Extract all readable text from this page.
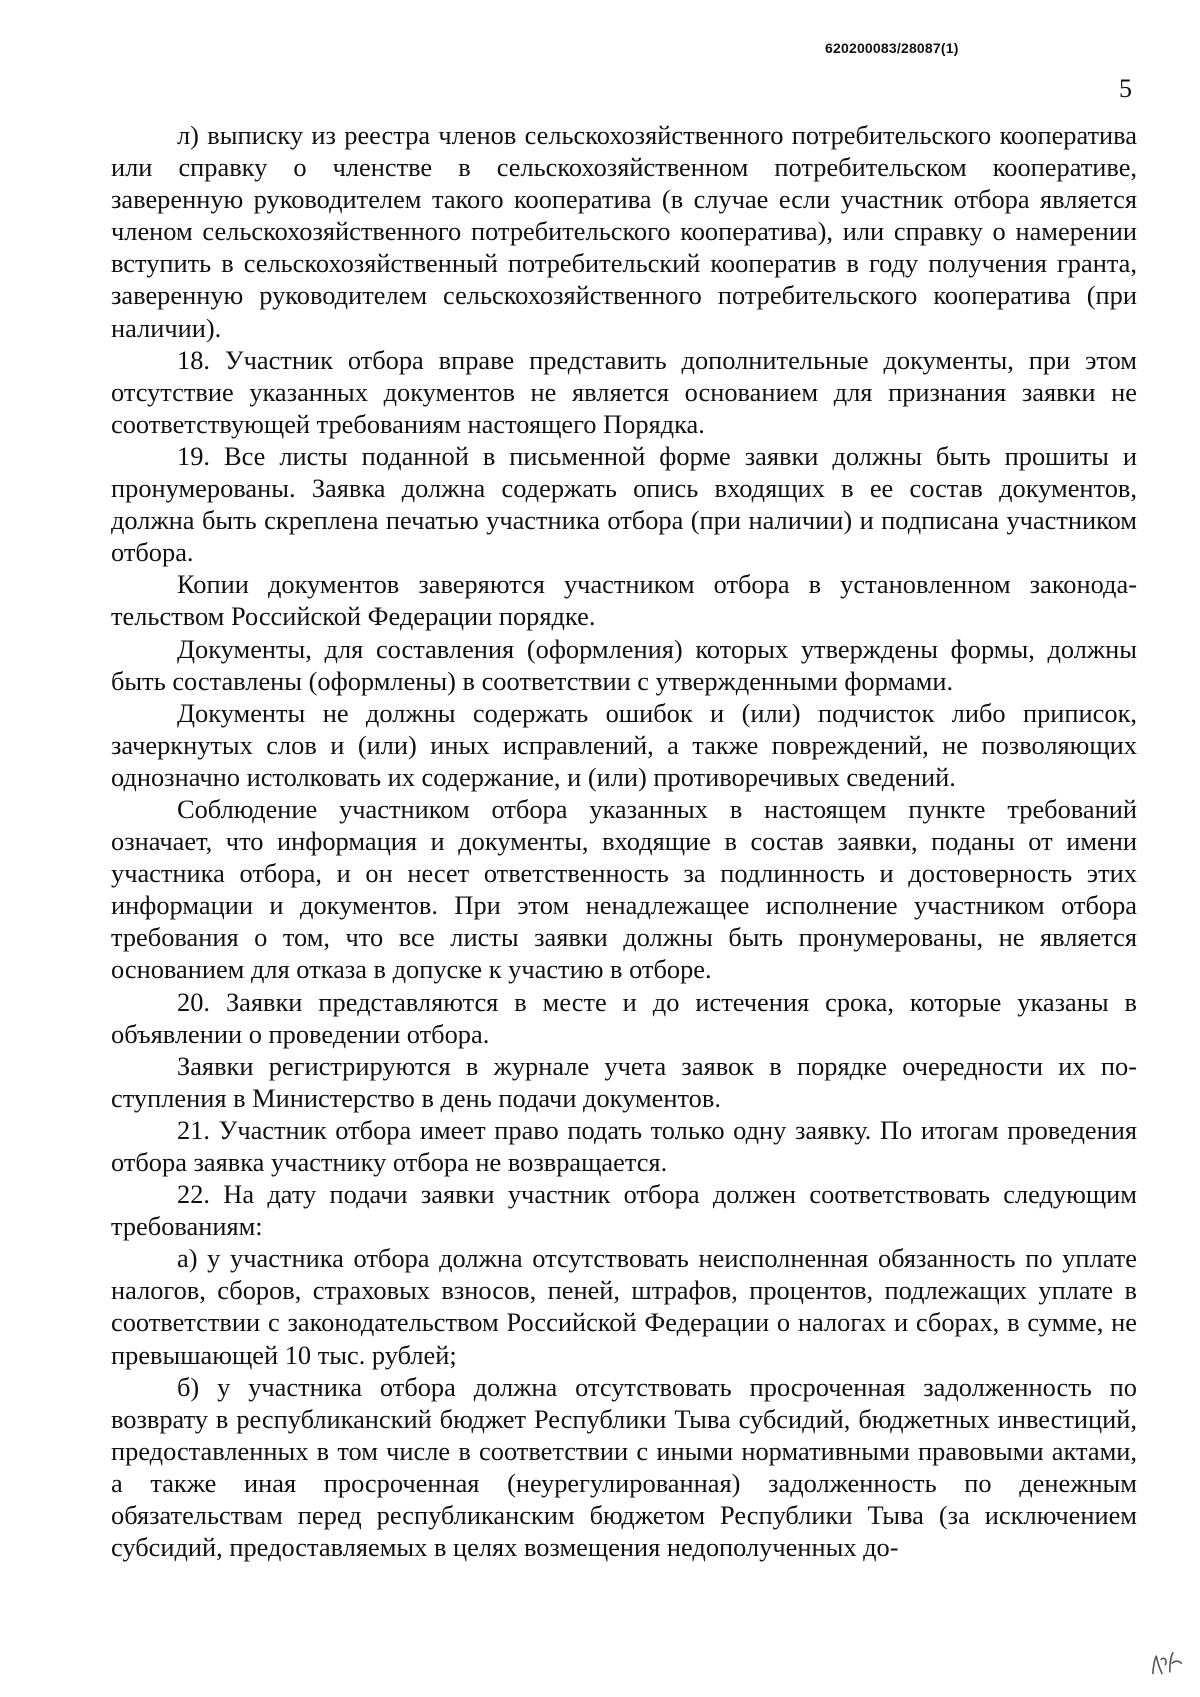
620200083/28087(1)
5

л) выписку из реестра членов сельскохозяйственного потребительского кооператива или справку о членстве в сельскохозяйственном потребительском кооперативе, заверенную руководителем такого кооператива (в случае если участник отбора является членом сельскохозяйственного потребительского кооператива), или справку о намерении вступить в сельскохозяйственный потребительский кооператив в году получения гранта, заверенную руководителем сельскохозяйственного потребительского кооператива (при наличии).

18. Участник отбора вправе представить дополнительные документы, при этом отсутствие указанных документов не является основанием для признания заявки не соответствующей требованиям настоящего Порядка.

19. Все листы поданной в письменной форме заявки должны быть прошиты и пронумерованы. Заявка должна содержать опись входящих в ее состав документов, должна быть скреплена печатью участника отбора (при наличии) и подписана участником отбора.

Копии документов заверяются участником отбора в установленном законодательством Российской Федерации порядке.

Документы, для составления (оформления) которых утверждены формы, должны быть составлены (оформлены) в соответствии с утвержденными формами.

Документы не должны содержать ошибок и (или) подчисток либо приписок, зачеркнутых слов и (или) иных исправлений, а также повреждений, не позволяющих однозначно истолковать их содержание, и (или) противоречивых сведений.

Соблюдение участником отбора указанных в настоящем пункте требований означает, что информация и документы, входящие в состав заявки, поданы от имени участника отбора, и он несет ответственность за подлинность и достоверность этих информации и документов. При этом ненадлежащее исполнение участником отбора требования о том, что все листы заявки должны быть пронумерованы, не является основанием для отказа в допуске к участию в отборе.

20. Заявки представляются в месте и до истечения срока, которые указаны в объявлении о проведении отбора.

Заявки регистрируются в журнале учета заявок в порядке очередности их поступления в Министерство в день подачи документов.

21. Участник отбора имеет право подать только одну заявку. По итогам проведения отбора заявка участнику отбора не возвращается.

22. На дату подачи заявки участник отбора должен соответствовать следующим требованиям:

а) у участника отбора должна отсутствовать неисполненная обязанность по уплате налогов, сборов, страховых взносов, пеней, штрафов, процентов, подлежащих уплате в соответствии с законодательством Российской Федерации о налогах и сборах, в сумме, не превышающей 10 тыс. рублей;

б) у участника отбора должна отсутствовать просроченная задолженность по возврату в республиканский бюджет Республики Тыва субсидий, бюджетных инвестиций, предоставленных в том числе в соответствии с иными нормативными правовыми актами, а также иная просроченная (неурегулированная) задолженность по денежным обязательствам перед республиканским бюджетом Республики Тыва (за исключением субсидий, предоставляемых в целях возмещения недополученных до-
